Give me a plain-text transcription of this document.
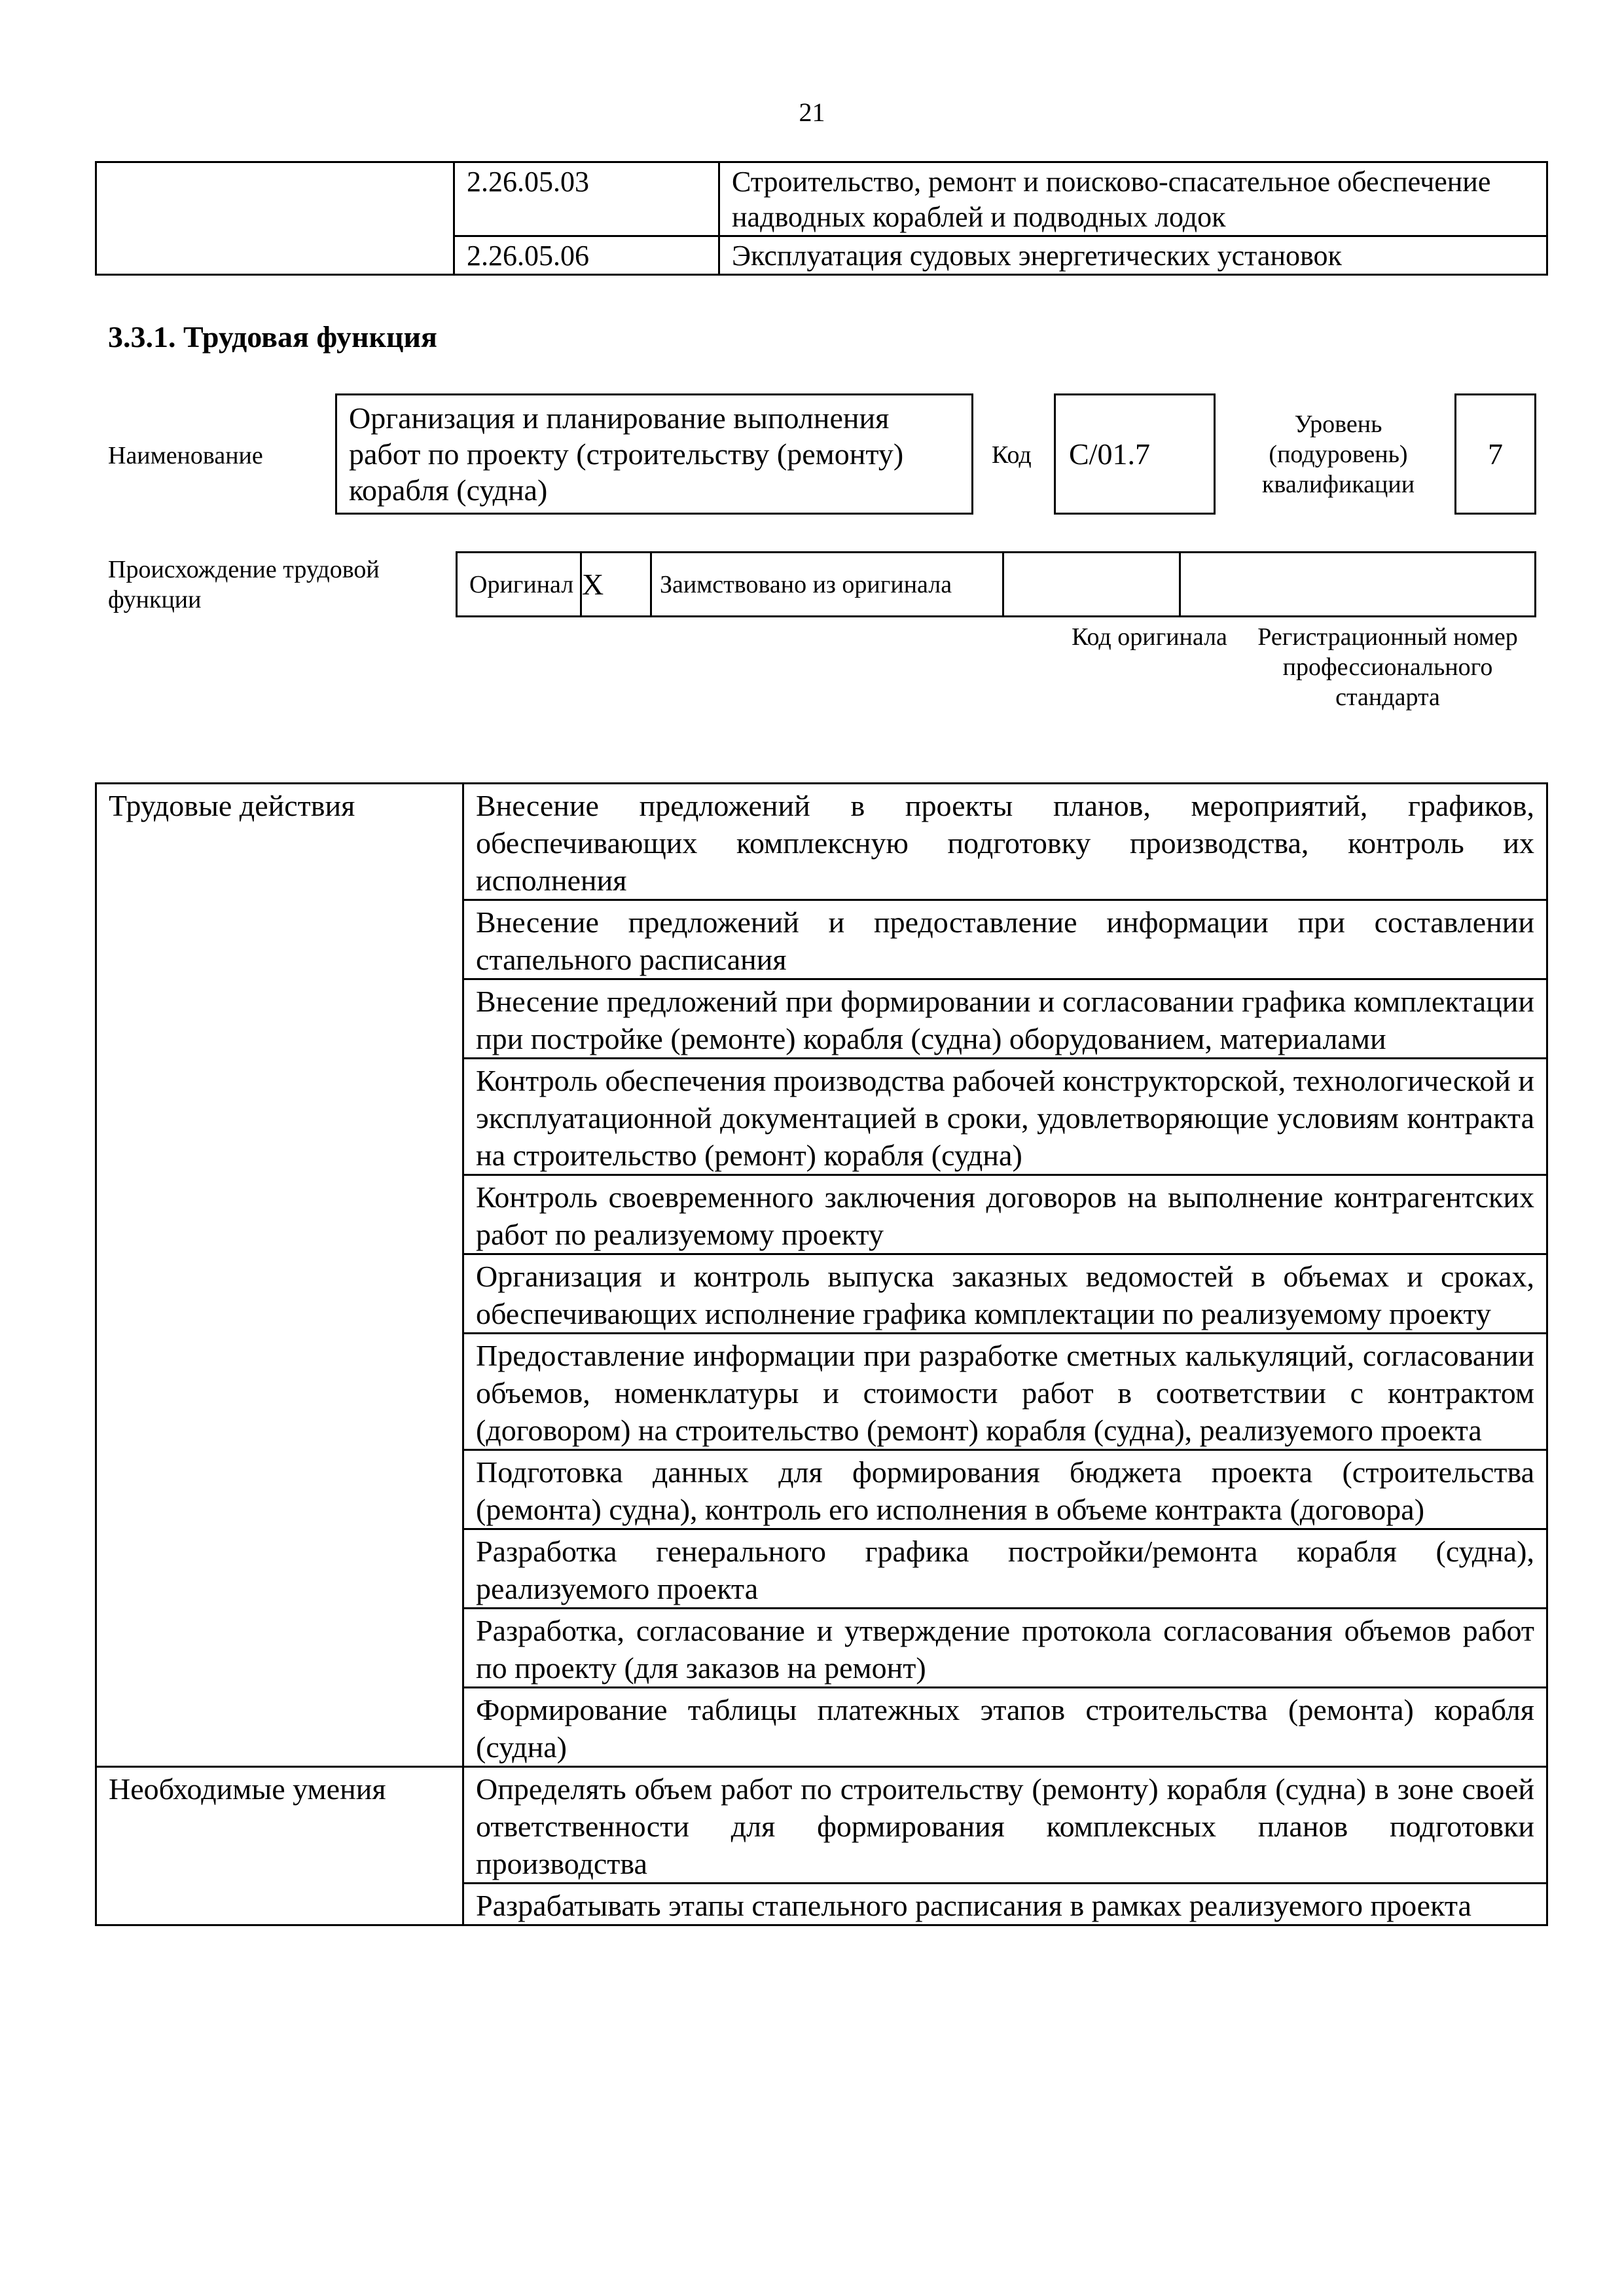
21
	2.26.05.03	Строительство, ремонт и поисково-спасательное обеспечение надводных кораблей и подводных лодок
	2.26.05.06	Эксплуатация судовых энергетических установок
3.3.1. Трудовая функция
Наименование
Организация и планирование выполнения работ по проекту (строительству (ремонту) корабля (судна)
Код	C/01.7
Уровень (подуровень) квалификации
7
Происхождение трудовой функции
Оригинал	X	Заимствовано из оригинала		
Код оригинала	Регистрационный номер профессионального стандарта
Трудовые действия	Внесение предложений в проекты планов, мероприятий, графиков, обеспечивающих комплексную подготовку производства, контроль их исполнения
	Внесение предложений и предоставление информации при составлении стапельного расписания
	Внесение предложений при формировании и согласовании графика комплектации при постройке (ремонте) корабля (судна) оборудованием, материалами
	Контроль обеспечения производства рабочей конструкторской, технологической и эксплуатационной документацией в сроки, удовлетворяющие условиям контракта на строительство (ремонт) корабля (судна)
	Контроль своевременного заключения договоров на выполнение контрагентских работ по реализуемому проекту
	Организация и контроль выпуска заказных ведомостей в объемах и сроках, обеспечивающих исполнение графика комплектации по реализуемому проекту
	Предоставление информации при разработке сметных калькуляций, согласовании объемов, номенклатуры и стоимости работ в соответствии с контрактом (договором) на строительство (ремонт) корабля (судна), реализуемого проекта
	Подготовка данных для формирования бюджета проекта (строительства (ремонта) судна), контроль его исполнения в объеме контракта (договора)
	Разработка генерального графика постройки/ремонта корабля (судна), реализуемого проекта
	Разработка, согласование и утверждение протокола согласования объемов работ по проекту (для заказов на ремонт)
	Формирование таблицы платежных этапов строительства (ремонта) корабля (судна)
Необходимые умения	Определять объем работ по строительству (ремонту) корабля (судна) в зоне своей ответственности для формирования комплексных планов подготовки производства
	Разрабатывать этапы стапельного расписания в рамках реализуемого проекта
